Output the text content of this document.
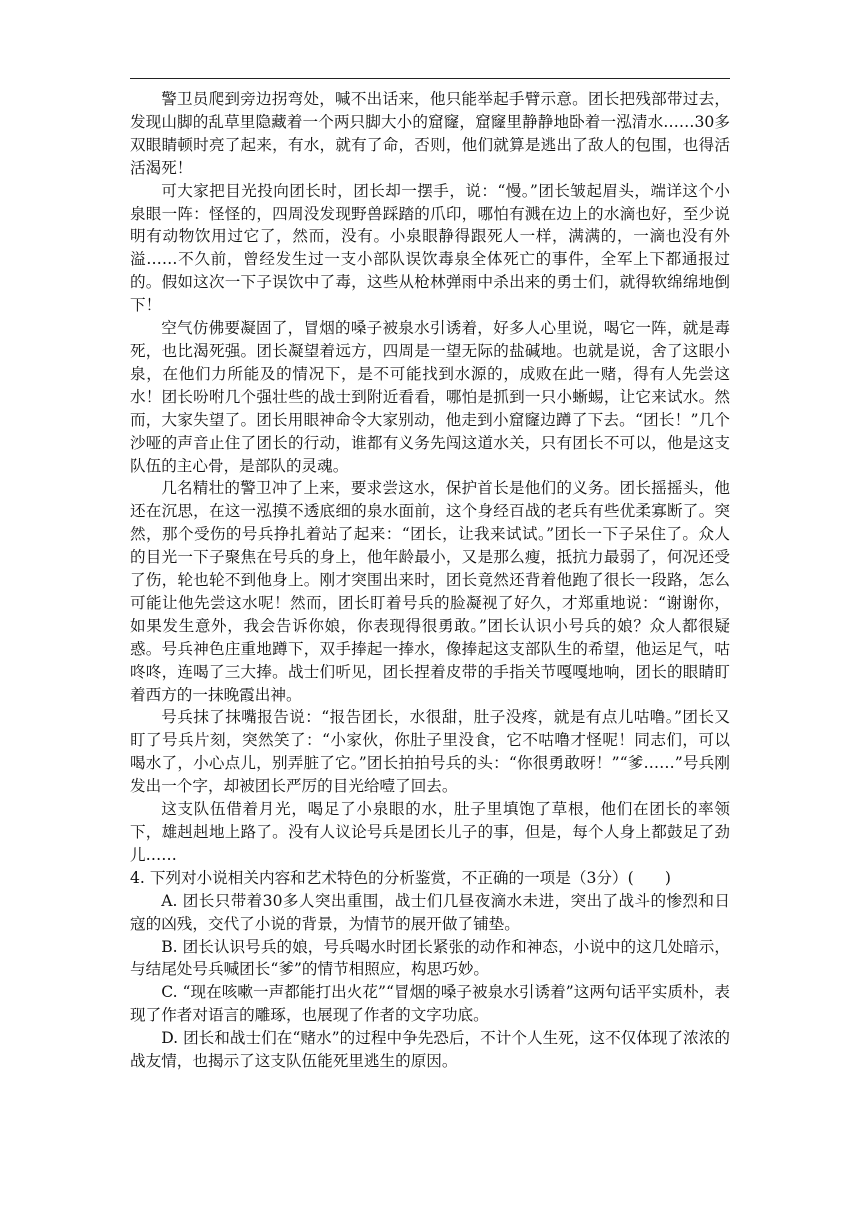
警卫员爬到旁边拐弯处，喊不出话来，他只能举起手臂示意。团长把残部带过去，发现山脚的乱草里隐藏着一个两只脚大小的窟窿，窟窿里静静地卧着一泓清水……30多双眼睛顿时亮了起来，有水，就有了命，否则，他们就算是逃出了敌人的包围，也得活活渴死！

可大家把目光投向团长时，团长却一摆手，说：“慢。”团长皱起眉头，端详这个小泉眼一阵：怪怪的，四周没发现野兽踩踏的爪印，哪怕有溅在边上的水滴也好，至少说明有动物饮用过它了，然而，没有。小泉眼静得跟死人一样，满满的，一滴也没有外溢……不久前，曾经发生过一支小部队误饮毒泉全体死亡的事件，全军上下都通报过的。假如这次一下子误饮中了毒，这些从枪林弹雨中杀出来的勇士们，就得软绵绵地倒下！

空气仿佛要凝固了，冒烟的嗓子被泉水引诱着，好多人心里说，喝它一阵，就是毒死，也比渴死强。团长凝望着远方，四周是一望无际的盐碱地。也就是说，舍了这眼小泉，在他们力所能及的情况下，是不可能找到水源的，成败在此一赌，得有人先尝这水！团长吩咐几个强壮些的战士到附近看看，哪怕是抓到一只小蜥蜴，让它来试水。然而，大家失望了。团长用眼神命令大家别动，他走到小窟窿边蹲了下去。“团长！”几个沙哑的声音止住了团长的行动，谁都有义务先闯这道水关，只有团长不可以，他是这支队伍的主心骨，是部队的灵魂。

几名精壮的警卫冲了上来，要求尝这水，保护首长是他们的义务。团长摇摇头，他还在沉思，在这一泓摸不透底细的泉水面前，这个身经百战的老兵有些优柔寡断了。突然，那个受伤的号兵挣扎着站了起来：“团长，让我来试试。”团长一下子呆住了。众人的目光一下子聚焦在号兵的身上，他年龄最小，又是那么瘦，抵抗力最弱了，何况还受了伤，轮也轮不到他身上。刚才突围出来时，团长竟然还背着他跑了很长一段路，怎么可能让他先尝这水呢！然而，团长盯着号兵的脸凝视了好久，才郑重地说：“谢谢你，如果发生意外，我会告诉你娘，你表现得很勇敢。”团长认识小号兵的娘？众人都很疑惑。号兵神色庄重地蹲下，双手捧起一捧水，像捧起这支部队生的希望，他运足气，咕咚咚，连喝了三大捧。战士们听见，团长捏着皮带的手指关节嘎嘎地响，团长的眼睛盯着西方的一抹晚霞出神。

号兵抹了抹嘴报告说：“报告团长，水很甜，肚子没疼，就是有点儿咕噜。”团长又盯了号兵片刻，突然笑了：“小家伙，你肚子里没食，它不咕噜才怪呢！同志们，可以喝水了，小心点儿，别弄脏了它。”团长拍拍号兵的头：“你很勇敢呀！”“爹……”号兵刚发出一个字，却被团长严厉的目光给噎了回去。

这支队伍借着月光，喝足了小泉眼的水，肚子里填饱了草根，他们在团长的率领下，雄赳赳地上路了。没有人议论号兵是团长儿子的事，但是，每个人身上都鼓足了劲儿……

4. 下列对小说相关内容和艺术特色的分析鉴赏，不正确的一项是（3分）(　　)

A. 团长只带着30多人突出重围，战士们几昼夜滴水未进，突出了战斗的惨烈和日寇的凶残，交代了小说的背景，为情节的展开做了铺垫。

B. 团长认识号兵的娘，号兵喝水时团长紧张的动作和神态，小说中的这几处暗示，与结尾处号兵喊团长“爹”的情节相照应，构思巧妙。

C. “现在咳嗽一声都能打出火花”“冒烟的嗓子被泉水引诱着”这两句话平实质朴，表现了作者对语言的雕琢，也展现了作者的文字功底。

D. 团长和战士们在“赌水”的过程中争先恐后，不计个人生死，这不仅体现了浓浓的战友情，也揭示了这支队伍能死里逃生的原因。
